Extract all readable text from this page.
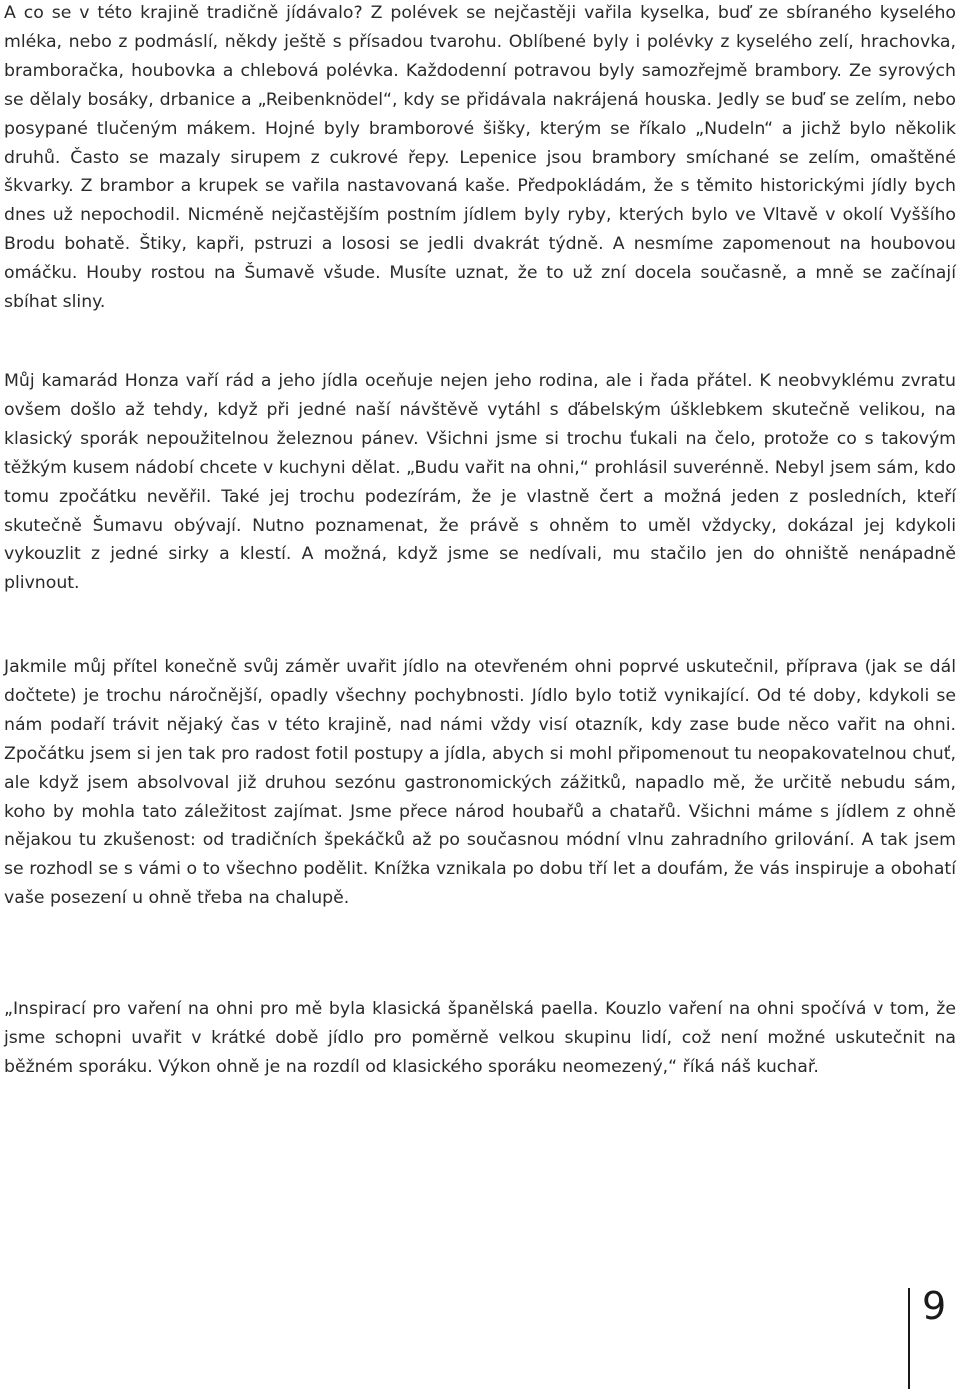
A co se v této krajině tradičně jídávalo? Z polévek se nejčastěji vařila kyselka, buď ze sbíraného kyselého mléka, nebo z podmáslí, někdy ještě s přísadou tvarohu. Oblíbené byly i polévky z kyselého zelí, hrachovka, bramboračka, houbovka a chlebová polévka. Každodenní potravou byly samozřejmě brambory. Ze syrových se dělaly bosáky, drbanice a „Reibenknödel“, kdy se přidávala nakrájená houska. Jedly se buď se zelím, nebo posypané tlučeným mákem. Hojné byly bramborové šišky, kterým se říkalo „Nudeln“ a jichž bylo několik druhů. Často se mazaly sirupem z cukrové řepy. Lepenice jsou brambory smíchané se zelím, omaštěné škvarky. Z brambor a krupek se vařila nastavovaná kaše. Předpokládám, že s těmito historickými jídly bych dnes už nepochodil. Nicméně nejčastějším postním jídlem byly ryby, kterých bylo ve Vltavě v okolí Vyššího Brodu bohatě. Štiky, kapři, pstruzi a lososi se jedli dvakrát týdně. A nesmíme zapomenout na houbovou omáčku. Houby rostou na Šumavě všude. Musíte uznat, že to už zní docela současně, a mně se začínají sbíhat sliny.

Můj kamarád Honza vaří rád a jeho jídla oceňuje nejen jeho rodina, ale i řada přátel. K neobvyklému zvratu ovšem došlo až tehdy, když při jedné naší návštěvě vytáhl s ďábelským úšklebkem skutečně velikou, na klasický sporák nepoužitelnou železnou pánev. Všichni jsme si trochu ťukali na čelo, protože co s takovým těžkým kusem nádobí chcete v kuchyni dělat. „Budu vařit na ohni,“ prohlásil suverénně. Nebyl jsem sám, kdo tomu zpočátku nevěřil. Také jej trochu podezírám, že je vlastně čert a možná jeden z posledních, kteří skutečně Šumavu obývají. Nutno poznamenat, že právě s ohněm to uměl vždycky, dokázal jej kdykoli vykouzlit z jedné sirky a klestí. A možná, když jsme se nedívali, mu stačilo jen do ohniště nenápadně plivnout.

Jakmile můj přítel konečně svůj záměr uvařit jídlo na otevřeném ohni poprvé uskutečnil, příprava (jak se dál dočtete) je trochu náročnější, opadly všechny pochybnosti. Jídlo bylo totiž vynikající. Od té doby, kdykoli se nám podaří trávit nějaký čas v této krajině, nad námi vždy visí otazník, kdy zase bude něco vařit na ohni. Zpočátku jsem si jen tak pro radost fotil postupy a jídla, abych si mohl připomenout tu neopakovatelnou chuť, ale když jsem absolvoval již druhou sezónu gastronomických zážitků, napadlo mě, že určitě nebudu sám, koho by mohla tato záležitost zajímat. Jsme přece národ houbařů a chatařů. Všichni máme s jídlem z ohně nějakou tu zkušenost: od tradičních špekáčků až po současnou módní vlnu zahradního grilování. A tak jsem se rozhodl se s vámi o to všechno podělit. Knížka vznikala po dobu tří let a doufám, že vás inspiruje a obohatí vaše posezení u ohně třeba na chalupě.

„Inspirací pro vaření na ohni pro mě byla klasická španělská paella. Kouzlo vaření na ohni spočívá v tom, že jsme schopni uvařit v krátké době jídlo pro poměrně velkou skupinu lidí, což není možné uskutečnit na běžném sporáku. Výkon ohně je na rozdíl od klasického sporáku neomezený,“ říká náš kuchař.

9
